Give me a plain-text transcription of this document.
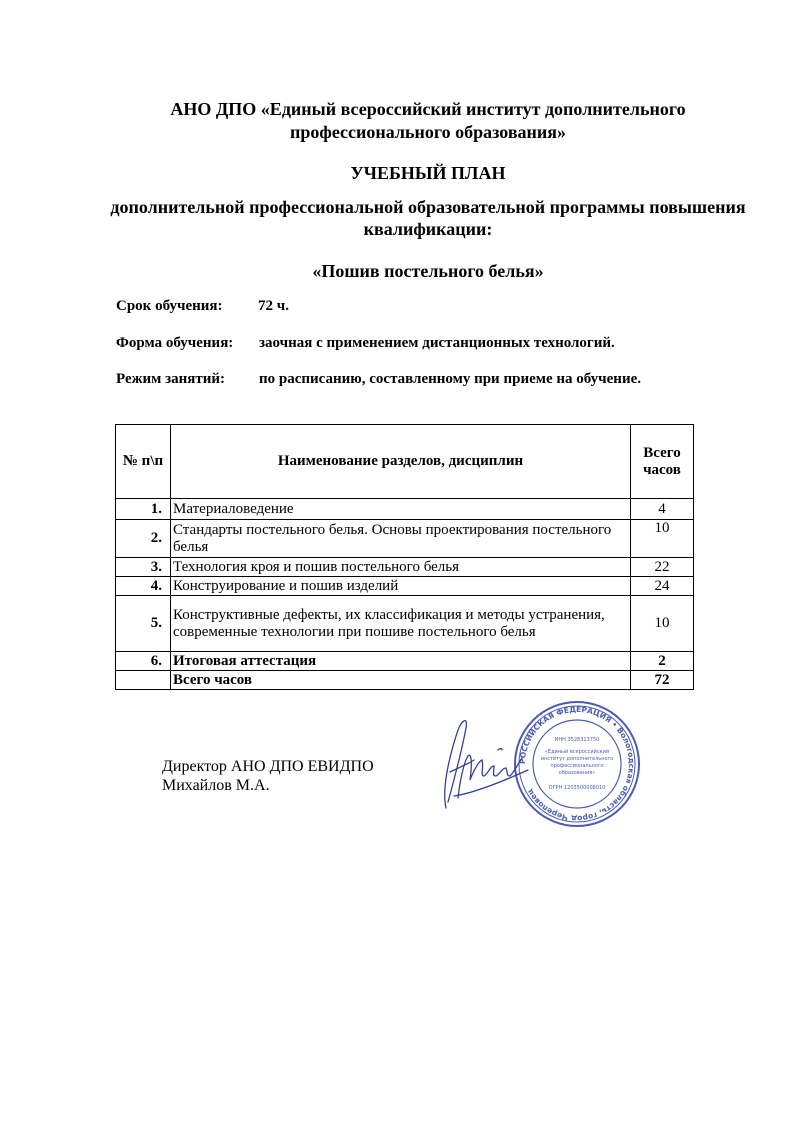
АНО ДПО «Единый всероссийский институт дополнительного профессионального образования»
УЧЕБНЫЙ ПЛАН
дополнительной профессиональной образовательной программы повышения квалификации:
«Пошив постельного белья»
Срок обучения: 72 ч.
Форма обучения: заочная с применением дистанционных технологий.
Режим занятий: по расписанию, составленному при приеме на обучение.
№ п\п	Наименование разделов, дисциплин	Всего часов
1.	Материаловедение	4
2.	Стандарты постельного белья. Основы проектирования постельного белья	10
3.	Технология кроя и пошив постельного белья	22
4.	Конструирование и пошив изделий	24
5.	Конструктивные дефекты, их классификация и методы устранения, современные технологии при пошиве постельного белья	10
6.	Итоговая аттестация	2
	Всего часов	72
Директор АНО ДПО ЕВИДПО
Михайлов М.А.
РОССИЙСКАЯ ФЕДЕРАЦИЯ • Вологодская область, город Череповец
ИНН 3528313750
«Единый всероссийский
институт дополнительного
профессионального
образования»
ОГРН 1203500008010
